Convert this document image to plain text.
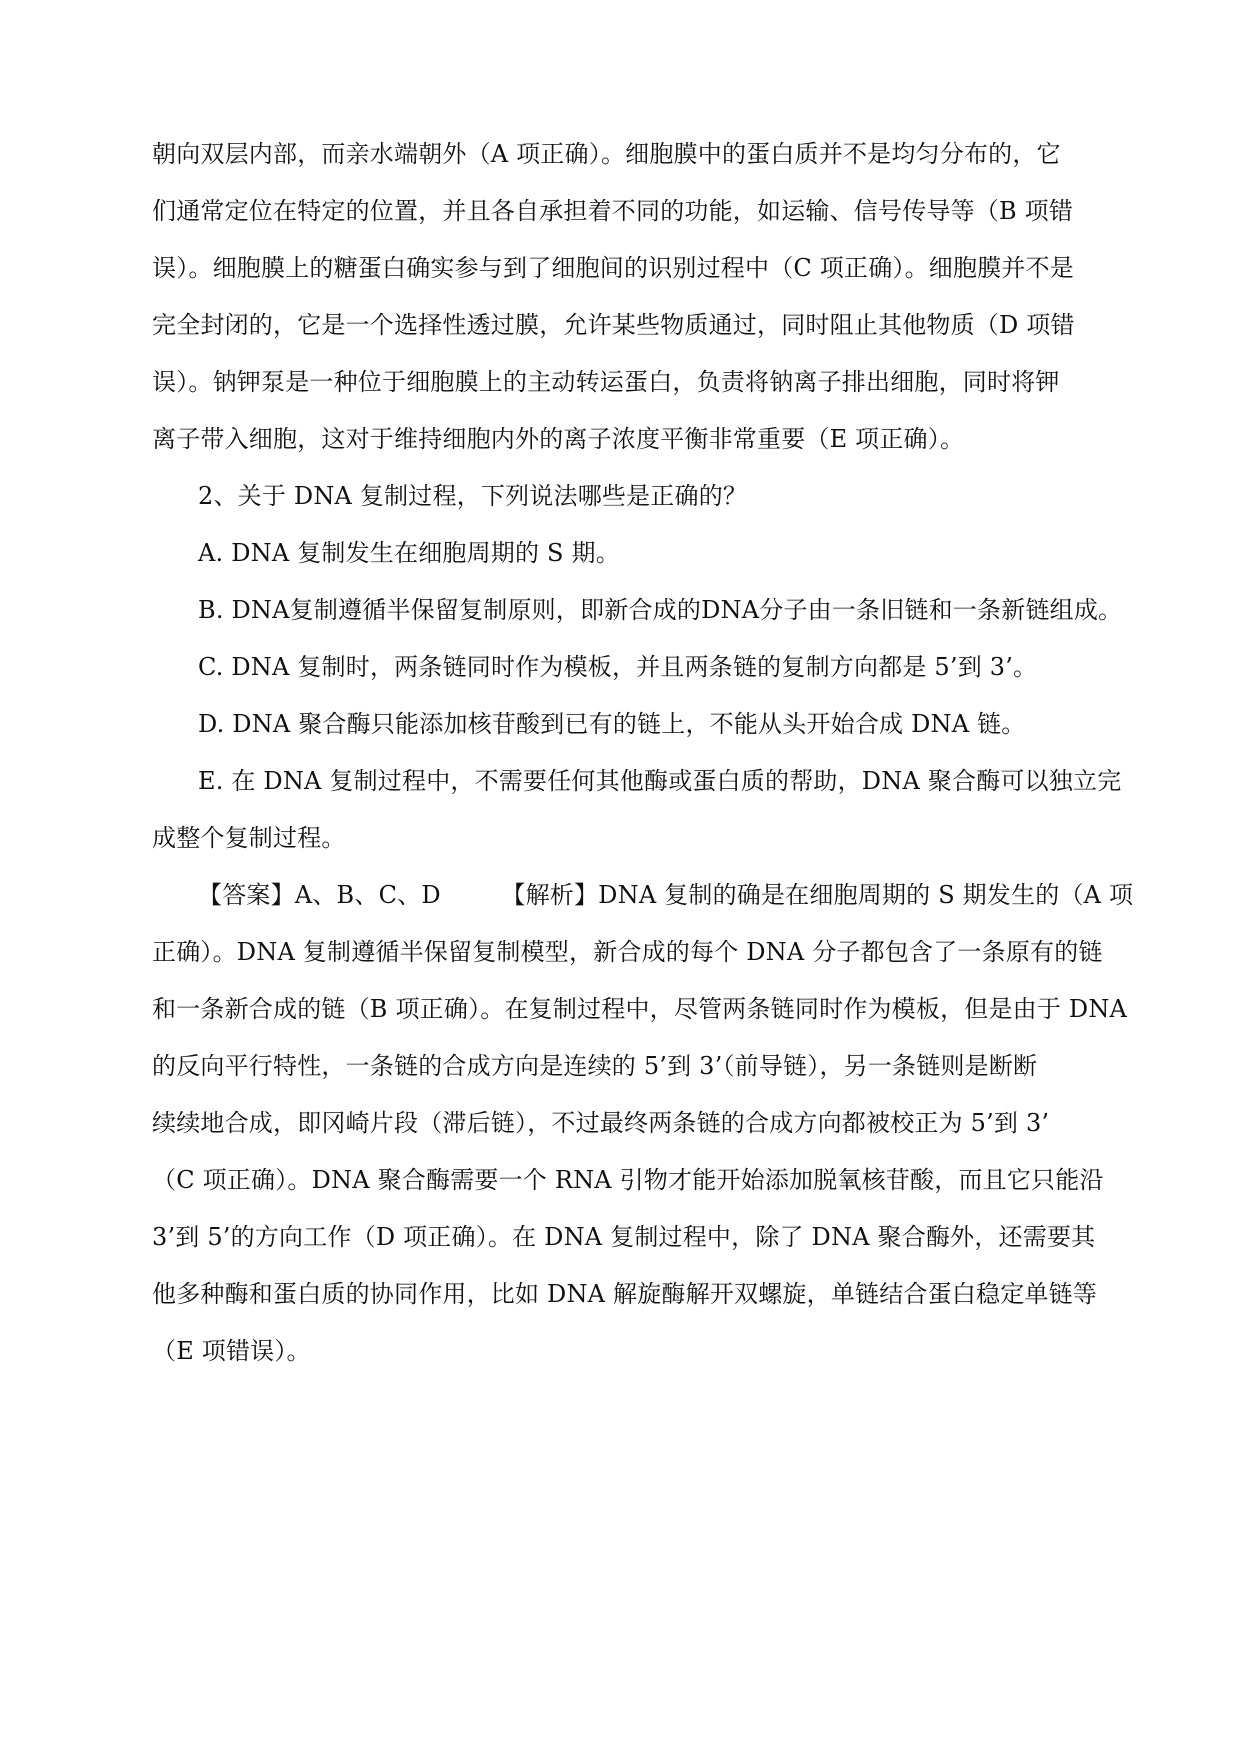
朝向双层内部，而亲水端朝外（A 项正确）。细胞膜中的蛋白质并不是均匀分布的，它
们通常定位在特定的位置，并且各自承担着不同的功能，如运输、信号传导等（B 项错
误）。细胞膜上的糖蛋白确实参与到了细胞间的识别过程中（C 项正确）。细胞膜并不是
完全封闭的，它是一个选择性透过膜，允许某些物质通过，同时阻止其他物质（D 项错
误）。钠钾泵是一种位于细胞膜上的主动转运蛋白，负责将钠离子排出细胞，同时将钾
离子带入细胞，这对于维持细胞内外的离子浓度平衡非常重要（E 项正确）。
2、关于 DNA 复制过程，下列说法哪些是正确的？
A. DNA 复制发生在细胞周期的 S 期。
B. DNA复制遵循半保留复制原则，即新合成的DNA分子由一条旧链和一条新链组成。
C. DNA 复制时，两条链同时作为模板，并且两条链的复制方向都是 5’到 3’。
D. DNA 聚合酶只能添加核苷酸到已有的链上，不能从头开始合成 DNA 链。
E. 在 DNA 复制过程中，不需要任何其他酶或蛋白质的帮助，DNA 聚合酶可以独立完
成整个复制过程。
【答案】A、B、C、D　　　【解析】DNA 复制的确是在细胞周期的 S 期发生的（A 项
正确）。DNA 复制遵循半保留复制模型，新合成的每个 DNA 分子都包含了一条原有的链
和一条新合成的链（B 项正确）。在复制过程中，尽管两条链同时作为模板，但是由于 DNA
的反向平行特性，一条链的合成方向是连续的 5’到 3’（前导链），另一条链则是断断
续续地合成，即冈崎片段（滞后链），不过最终两条链的合成方向都被校正为 5’到 3’
（C 项正确）。DNA 聚合酶需要一个 RNA 引物才能开始添加脱氧核苷酸，而且它只能沿
3’到 5’的方向工作（D 项正确）。在 DNA 复制过程中，除了 DNA 聚合酶外，还需要其
他多种酶和蛋白质的协同作用，比如 DNA 解旋酶解开双螺旋，单链结合蛋白稳定单链等
（E 项错误）。
